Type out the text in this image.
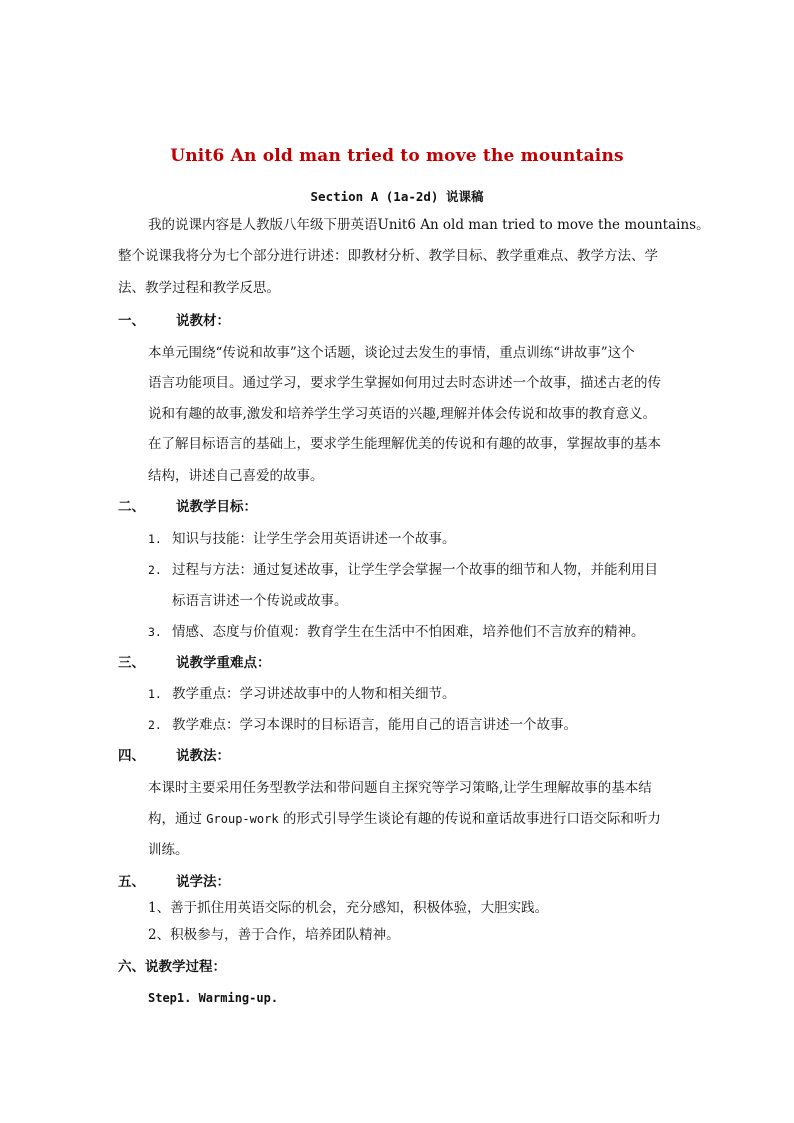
Unit6 An old man tried to move the mountains
Section A (1a-2d) 说课稿
我的说课内容是人教版八年级下册英语Unit6 An old man tried to move the mountains。
整个说课我将分为七个部分进行讲述：即教材分析、教学目标、教学重难点、教学方法、学
法、教学过程和教学反思。
一、 说教材：
本单元围绕“传说和故事”这个话题，谈论过去发生的事情，重点训练“讲故事”这个
语言功能项目。通过学习，要求学生掌握如何用过去时态讲述一个故事，描述古老的传
说和有趣的故事,激发和培养学生学习英语的兴趣,理解并体会传说和故事的教育意义。
在了解目标语言的基础上，要求学生能理解优美的传说和有趣的故事，掌握故事的基本
结构，讲述自己喜爱的故事。
二、 说教学目标：
1. 知识与技能：让学生学会用英语讲述一个故事。
2. 过程与方法：通过复述故事，让学生学会掌握一个故事的细节和人物，并能利用目
标语言讲述一个传说或故事。
3. 情感、态度与价值观：教育学生在生活中不怕困难，培养他们不言放弃的精神。
三、 说教学重难点：
1. 教学重点：学习讲述故事中的人物和相关细节。
2. 教学难点：学习本课时的目标语言，能用自己的语言讲述一个故事。
四、 说教法：
本课时主要采用任务型教学法和带问题自主探究等学习策略,让学生理解故事的基本结
构，通过 Group-work 的形式引导学生谈论有趣的传说和童话故事进行口语交际和听力
训练。
五、 说学法：
1、善于抓住用英语交际的机会，充分感知，积极体验，大胆实践。
2、积极参与，善于合作，培养团队精神。
六、说教学过程：
Step1. Warming-up.
